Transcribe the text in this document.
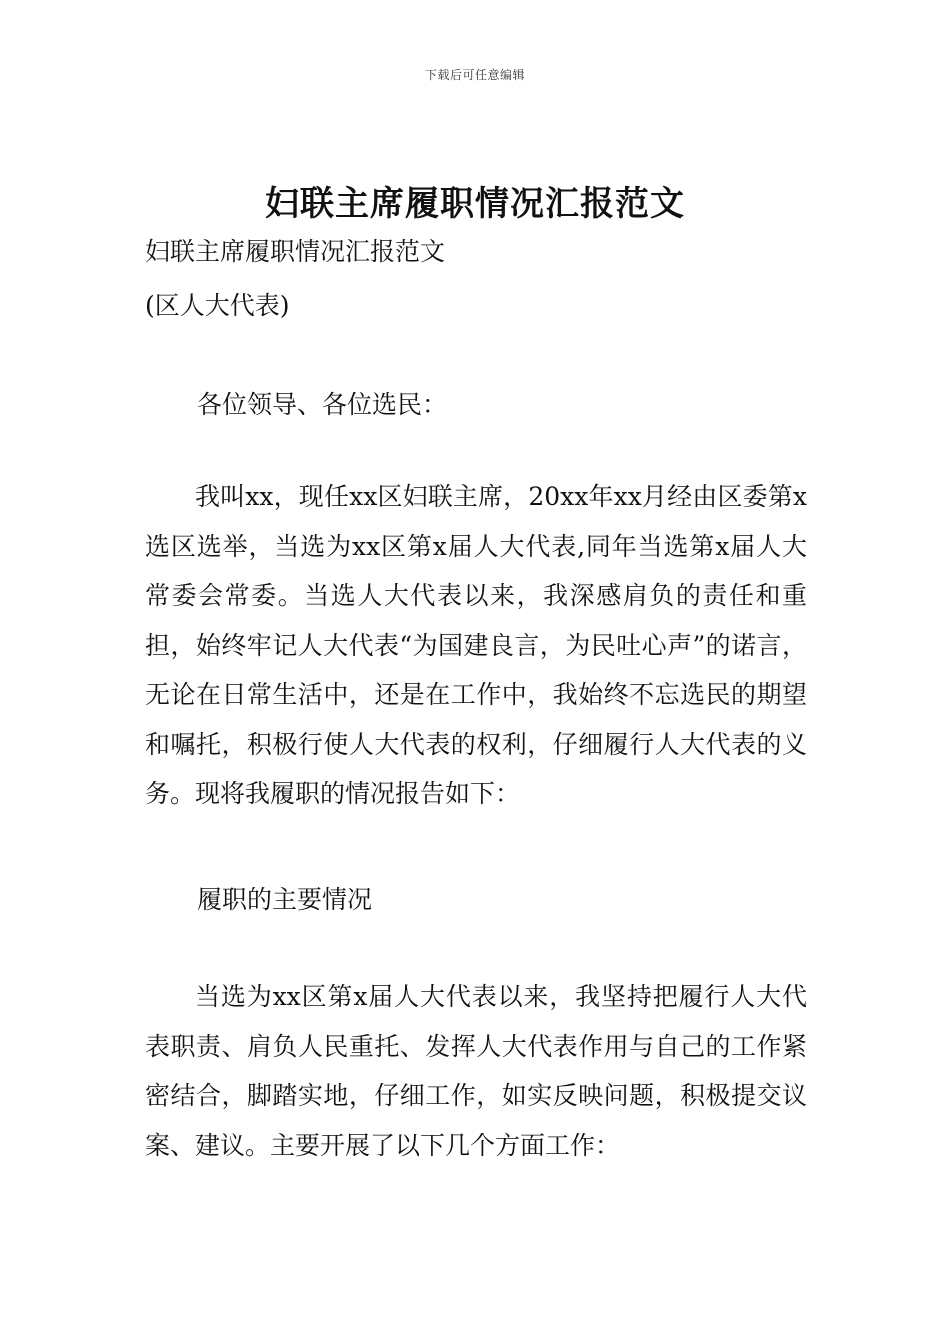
下载后可任意编辑
妇联主席履职情况汇报范文

妇联主席履职情况汇报范文

(区人大代表)

各位领导、各位选民：

我叫xx，现任xx区妇联主席，20xx年xx月经由区委第x选区选举，当选为xx区第x届人大代表,同年当选第x届人大常委会常委。当选人大代表以来，我深感肩负的责任和重担，始终牢记人大代表“为国建良言，为民吐心声”的诺言，无论在日常生活中，还是在工作中，我始终不忘选民的期望和嘱托，积极行使人大代表的权利，仔细履行人大代表的义务。现将我履职的情况报告如下：

履职的主要情况

当选为xx区第x届人大代表以来，我坚持把履行人大代表职责、肩负人民重托、发挥人大代表作用与自己的工作紧密结合，脚踏实地，仔细工作，如实反映问题，积极提交议案、建议。主要开展了以下几个方面工作：
